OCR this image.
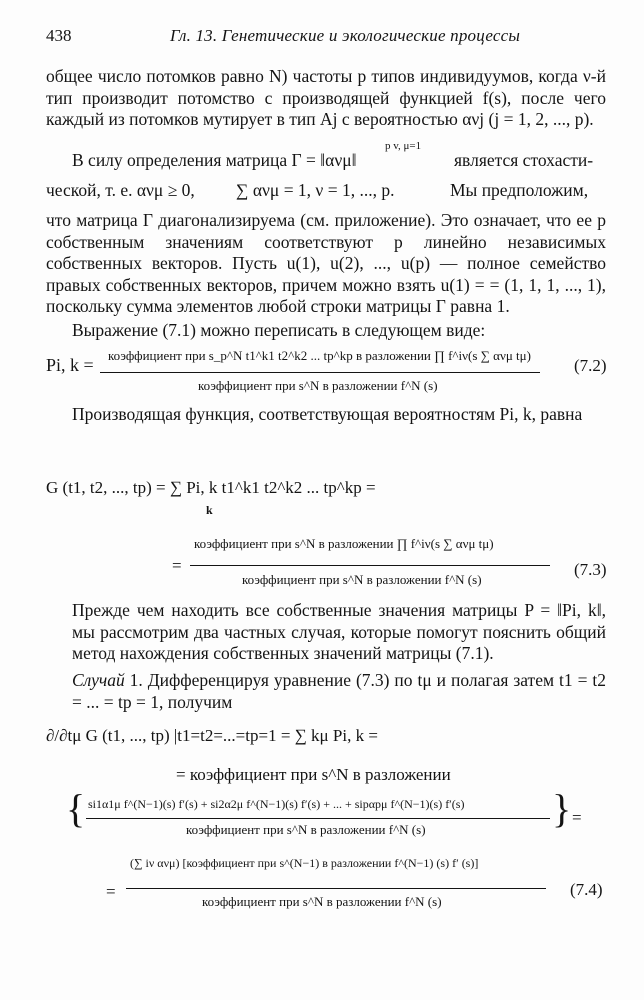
438	Гл. 13. Генетические и экологические процессы
общее число потомков равно N) частоты p типов индивидуумов, когда ν-й тип производит потомство с производящей функцией f(s), после чего каждый из потомков мутирует в тип Aj с вероятностью ανj (j = 1, 2, ..., p).
В силу определения матрица Γ = ‖ανμ‖
p v, μ=1
является стохасти-
ческой, т. е. ανμ ≥ 0, ∑ ανμ = 1, ν = 1, ..., p.	Мы предположим,
что матрица Γ диагонализируема (см. приложение). Это означает, что ее p собственным значениям соответствуют p линейно независимых собственных векторов. Пусть u(1), u(2), ..., u(p) — полное семейство правых собственных векторов, причем можно взять u(1) = = (1, 1, 1, ..., 1), поскольку сумма элементов любой строки матрицы Γ равна 1.
Выражение (7.1) можно переписать в следующем виде:
Pi, k = коэффициент при s_p^N t1^k1 t2^k2 ... tp^kp в разложении ∏ f^iν(s ∑ ανμ tμ)
коэффициент при s^N в разложении f^N (s)
(7.2)
Производящая функция, соответствующая вероятностям Pi, k, равна
G (t1, t2, ..., tp) = ∑ Pi, k t1^k1 t2^k2 ... tp^kp =
k
=
коэффициент при s^N в разложении ∏ f^iν(s ∑ ανμ tμ)
коэффициент при s^N в разложении f^N (s)
(7.3)
Прежде чем находить все собственные значения матрицы P = ‖Pi, k‖, мы рассмотрим два частных случая, которые помогут пояснить общий метод нахождения собственных значений матрицы (7.1).
Случай 1. Дифференцируя уравнение (7.3) по tμ и полагая затем t1 = t2 = ... = tp = 1, получим
∂/∂tμ G (t1, ..., tp) |t1=t2=...=tp=1 = ∑ kμ Pi, k =
= коэффициент при s^N в разложении
{ si1α1μ f^(N−1)(s) f′(s) + si2α2μ f^(N−1)(s) f′(s) + ... + sipαpμ f^(N−1)(s) f′(s)
коэффициент при s^N в разложении f^N (s)	} =
=
(∑ iν ανμ) [коэффициент при s^(N−1) в разложении f^(N−1) (s) f′ (s)]
коэффициент при s^N в разложении f^N (s)
(7.4)
